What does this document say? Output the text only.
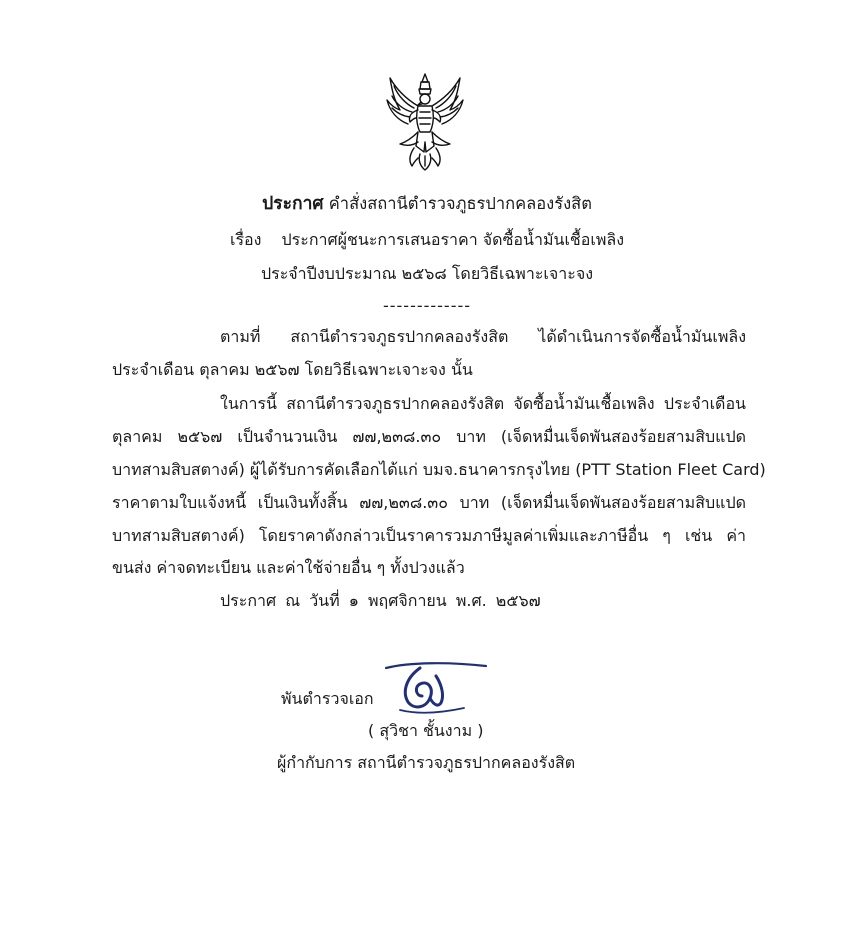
ประกาศ คำสั่งสถานีตำรวจภูธรปากคลองรังสิต
เรื่อง ประกาศผู้ชนะการเสนอราคา จัดซื้อน้ำมันเชื้อเพลิง
ประจำปีงบประมาณ ๒๕๖๘ โดยวิธีเฉพาะเจาะจง
-------------
ตามที่ สถานีตำรวจภูธรปากคลองรังสิต ได้ดำเนินการจัดซื้อน้ำมันเพลิง
ประจำเดือน ตุลาคม ๒๕๖๗ โดยวิธีเฉพาะเจาะจง นั้น
ในการนี้ สถานีตำรวจภูธรปากคลองรังสิต จัดซื้อน้ำมันเชื้อเพลิง ประจำเดือน
ตุลาคม ๒๕๖๗ เป็นจำนวนเงิน ๗๗,๒๓๘.๓๐ บาท (เจ็ดหมื่นเจ็ดพันสองร้อยสามสิบแปด
บาทสามสิบสตางค์) ผู้ได้รับการคัดเลือกได้แก่ บมจ.ธนาคารกรุงไทย (PTT Station Fleet Card)
ราคาตามใบแจ้งหนี้ เป็นเงินทั้งสิ้น ๗๗,๒๓๘.๓๐ บาท (เจ็ดหมื่นเจ็ดพันสองร้อยสามสิบแปด
บาทสามสิบสตางค์) โดยราคาดังกล่าวเป็นราคารวมภาษีมูลค่าเพิ่มและภาษีอื่น ๆ เช่น ค่า
ขนส่ง ค่าจดทะเบียน และค่าใช้จ่ายอื่น ๆ ทั้งปวงแล้ว
ประกาศ ณ วันที่ ๑ พฤศจิกายน พ.ศ. ๒๕๖๗
พันตำรวจเอก
( สุวิชา ชั้นงาม )
ผู้กำกับการ สถานีตำรวจภูธรปากคลองรังสิต
